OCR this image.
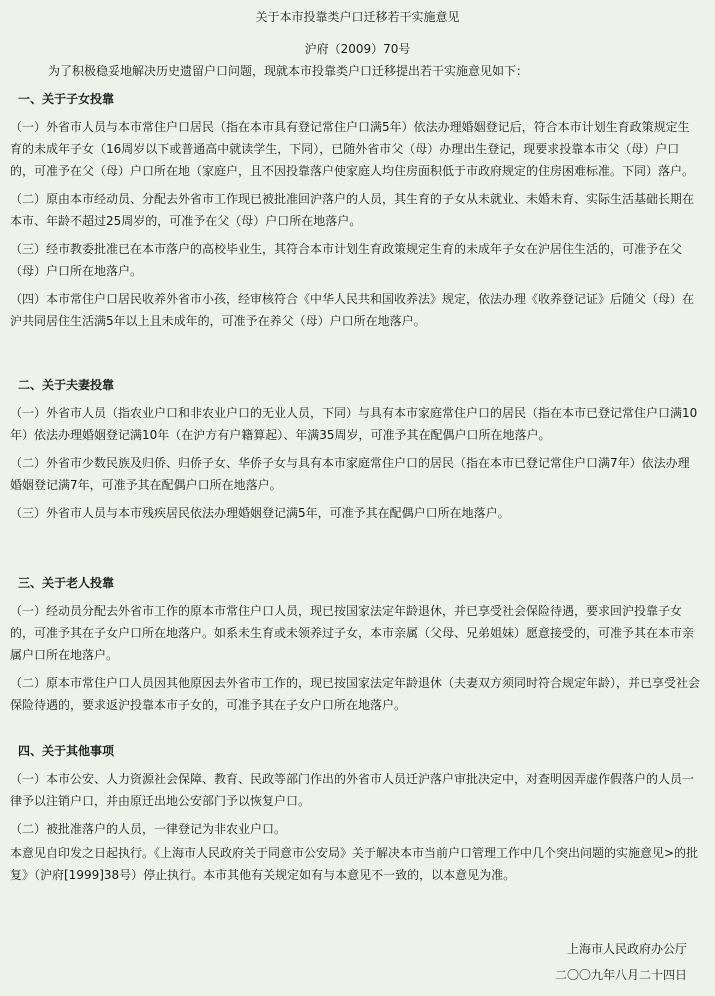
关于本市投靠类户口迁移若干实施意见
沪府（2009）70号
为了积极稳妥地解决历史遗留户口问题，现就本市投靠类户口迁移提出若干实施意见如下：
一、关于子女投靠

（一）外省市人员与本市常住户口居民（指在本市具有登记常住户口满5年）依法办理婚姻登记后，符合本市计划生育政策规定生育的未成年子女（16周岁以下或普通高中就读学生，下同），已随外省市父（母）办理出生登记，现要求投靠本市父（母）户口的，可准予在父（母）户口所在地（家庭户，且不因投靠落户使家庭人均住房面积低于市政府规定的住房困难标准。下同）落户。

（二）原由本市经动员、分配去外省市工作现已被批准回沪落户的人员，其生育的子女从未就业、未婚未育、实际生活基础长期在本市、年龄不超过25周岁的，可准予在父（母）户口所在地落户。

（三）经市教委批准已在本市落户的高校毕业生，其符合本市计划生育政策规定生育的未成年子女在沪居住生活的，可准予在父（母）户口所在地落户。

（四）本市常住户口居民收养外省市小孩，经审核符合《中华人民共和国收养法》规定，依法办理《收养登记证》后随父（母）在沪共同居住生活满5年以上且未成年的，可准予在养父（母）户口所在地落户。

二、关于夫妻投靠

（一）外省市人员（指农业户口和非农业户口的无业人员，下同）与具有本市家庭常住户口的居民（指在本市已登记常住户口满10年）依法办理婚姻登记满10年（在沪方有户籍算起）、年满35周岁，可准予其在配偶户口所在地落户。

（二）外省市少数民族及归侨、归侨子女、华侨子女与具有本市家庭常住户口的居民（指在本市已登记常住户口满7年）依法办理婚姻登记满7年，可准予其在配偶户口所在地落户。

（三）外省市人员与本市残疾居民依法办理婚姻登记满5年，可准予其在配偶户口所在地落户。

三、关于老人投靠

（一）经动员分配去外省市工作的原本市常住户口人员，现已按国家法定年龄退休，并已享受社会保险待遇，要求回沪投靠子女的，可准予其在子女户口所在地落户。如系未生育或未领养过子女，本市亲属（父母、兄弟姐妹）愿意接受的，可准予其在本市亲属户口所在地落户。

（二）原本市常住户口人员因其他原因去外省市工作的，现已按国家法定年龄退休（夫妻双方须同时符合规定年龄），并已享受社会保险待遇的，要求返沪投靠本市子女的，可准予其在子女户口所在地落户。

四、关于其他事项

（一）本市公安、人力资源社会保障、教育、民政等部门作出的外省市人员迁沪落户审批决定中，对查明因弄虚作假落户的人员一律予以注销户口，并由原迁出地公安部门予以恢复户口。

（二）被批准落户的人员，一律登记为非农业户口。

本意见自印发之日起执行。《上海市人民政府关于同意市公安局》关于解决本市当前户口管理工作中几个突出问题的实施意见>的批复》（沪府[1999]38号）停止执行。本市其他有关规定如有与本意见不一致的，以本意见为准。

上海市人民政府办公厅
二〇〇九年八月二十四日
